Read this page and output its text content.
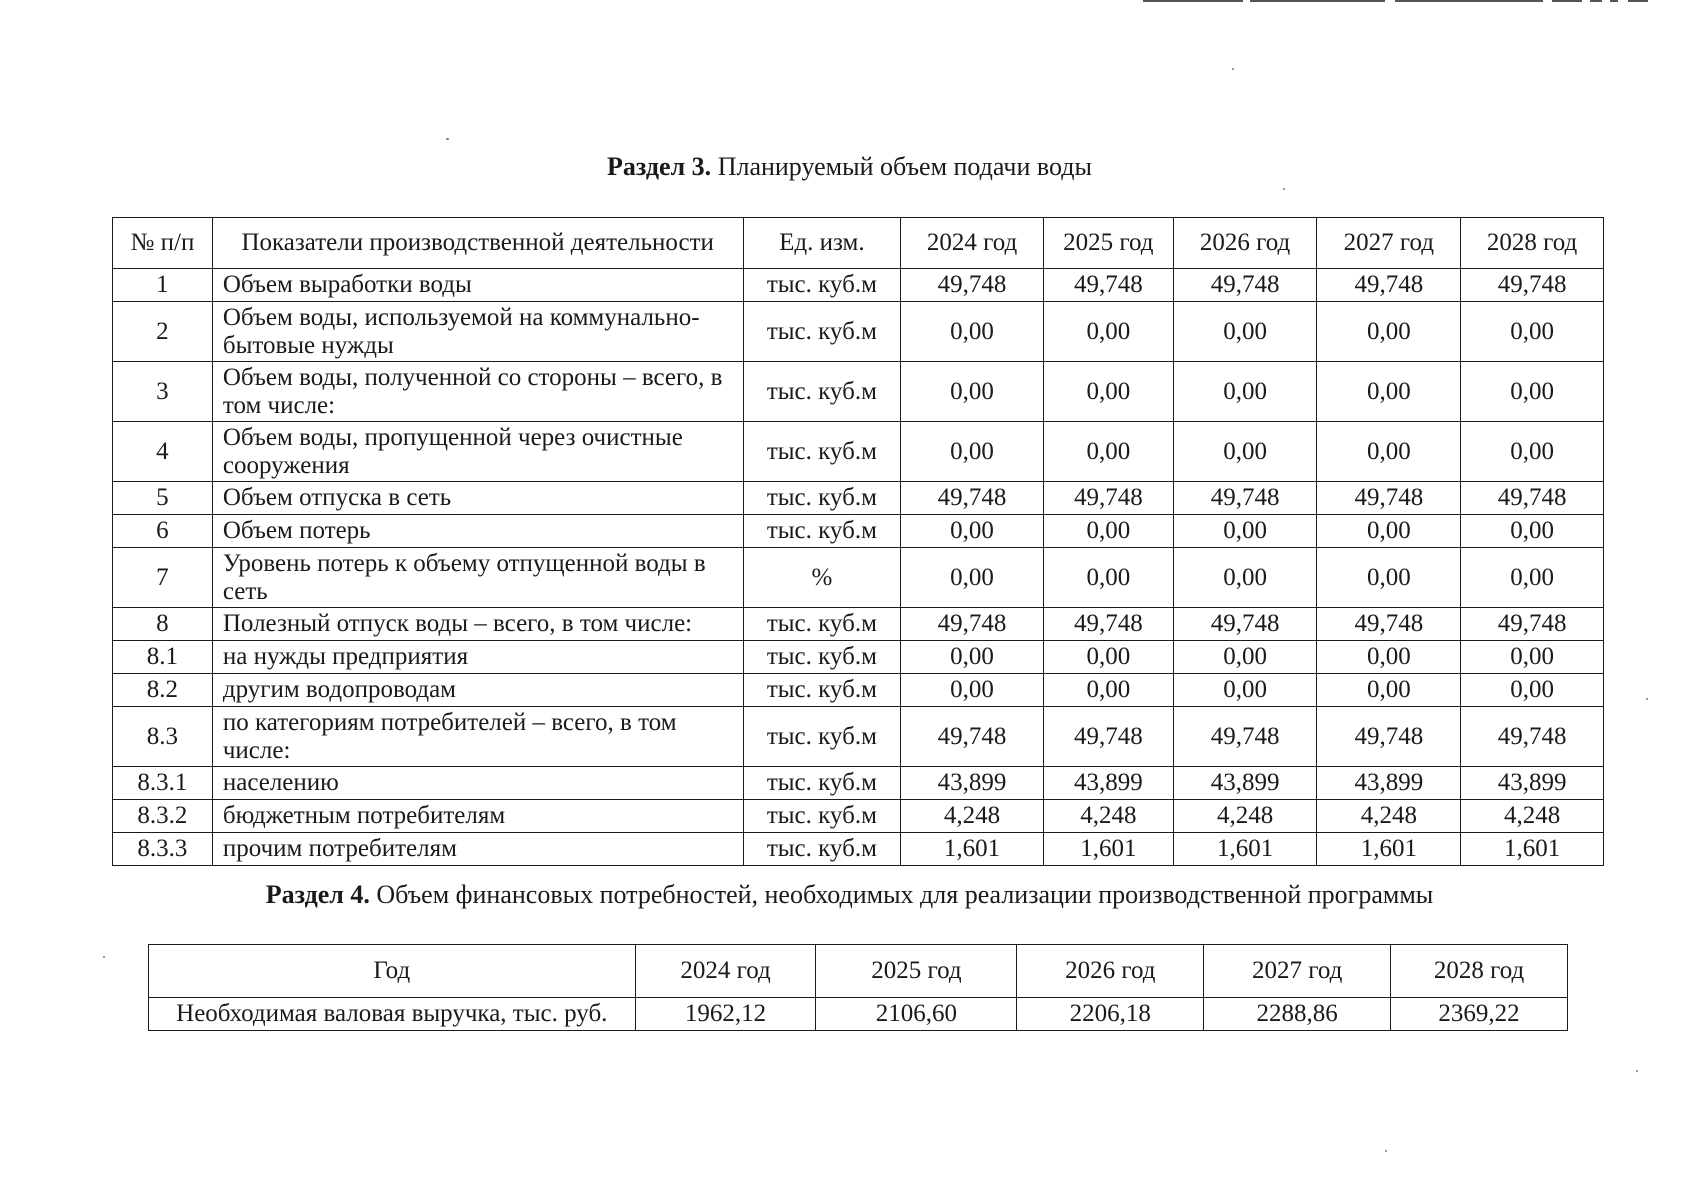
Раздел 3. Планируемый объем подачи воды
№ п/п	Показатели производственной деятельности	Ед. изм.	2024 год	2025 год	2026 год	2027 год	2028 год
1	Объем выработки воды	тыс. куб.м	49,748	49,748	49,748	49,748	49,748
2	Объем воды, используемой на коммунально-бытовые нужды	тыс. куб.м	0,00	0,00	0,00	0,00	0,00
3	Объем воды, полученной со стороны – всего, в том числе:	тыс. куб.м	0,00	0,00	0,00	0,00	0,00
4	Объем воды, пропущенной через очистные сооружения	тыс. куб.м	0,00	0,00	0,00	0,00	0,00
5	Объем отпуска в сеть	тыс. куб.м	49,748	49,748	49,748	49,748	49,748
6	Объем потерь	тыс. куб.м	0,00	0,00	0,00	0,00	0,00
7	Уровень потерь к объему отпущенной воды в сеть	%	0,00	0,00	0,00	0,00	0,00
8	Полезный отпуск воды – всего, в том числе:	тыс. куб.м	49,748	49,748	49,748	49,748	49,748
8.1	на нужды предприятия	тыс. куб.м	0,00	0,00	0,00	0,00	0,00
8.2	другим водопроводам	тыс. куб.м	0,00	0,00	0,00	0,00	0,00
8.3	по категориям потребителей – всего, в том числе:	тыс. куб.м	49,748	49,748	49,748	49,748	49,748
8.3.1	населению	тыс. куб.м	43,899	43,899	43,899	43,899	43,899
8.3.2	бюджетным потребителям	тыс. куб.м	4,248	4,248	4,248	4,248	4,248
8.3.3	прочим потребителям	тыс. куб.м	1,601	1,601	1,601	1,601	1,601
Раздел 4. Объем финансовых потребностей, необходимых для реализации производственной программы
Год	2024 год	2025 год	2026 год	2027 год	2028 год
Необходимая валовая выручка, тыс. руб.	1962,12	2106,60	2206,18	2288,86	2369,22
